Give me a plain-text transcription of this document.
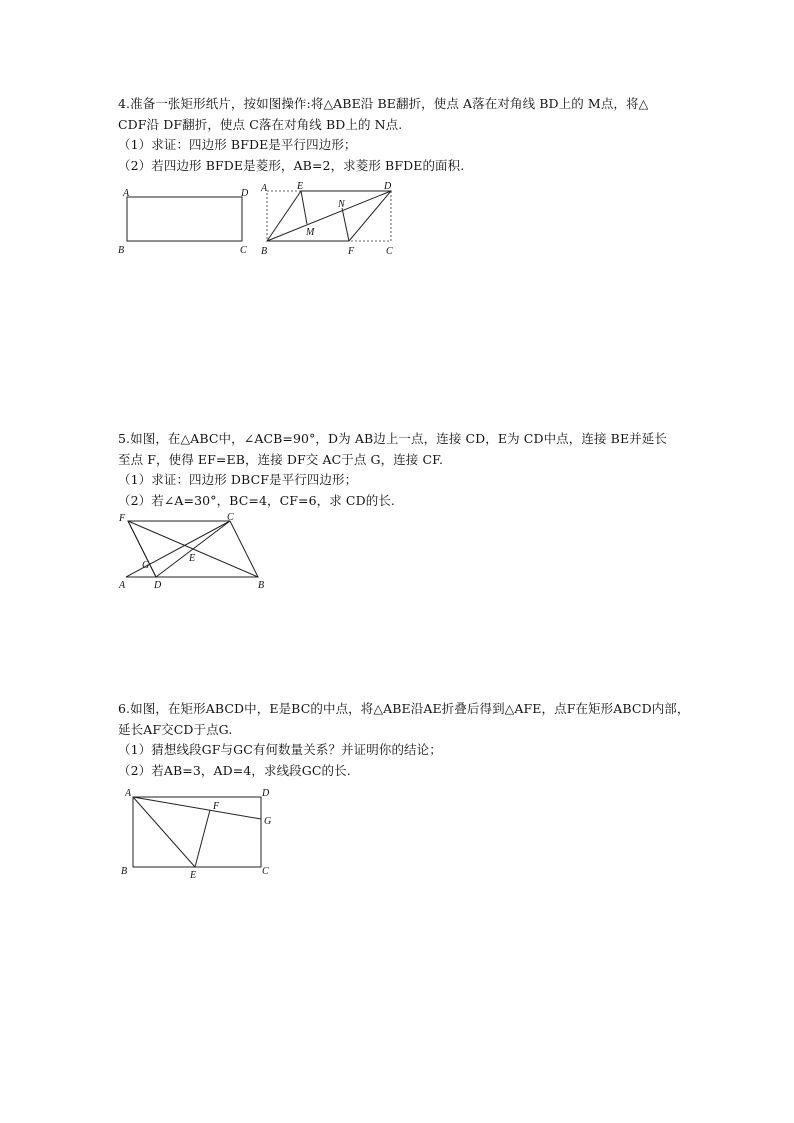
4.准备一张矩形纸片，按如图操作:将△ABE沿 BE翻折，使点 A落在对角线 BD上的 M点，将△
CDF沿 DF翻折，使点 C落在对角线 BD上的 N点.
（1）求证：四边形 BFDE是平行四边形；
（2）若四边形 BFDE是菱形，AB=2，求菱形 BFDE的面积.
A	D
B	C
A	E	D
N
M
B	F	C
5.如图，在△ABC中，∠ACB=90°，D为 AB边上一点，连接 CD，E为 CD中点，连接 BE并延长
至点 F，使得 EF=EB，连接 DF交 AC于点 G，连接 CF.
（1）求证：四边形 DBCF是平行四边形；
（2）若∠A=30°，BC=4，CF=6，求 CD的长.
F	C
G
E
A	D	B
6.如图，在矩形ABCD中，E是BC的中点，将△ABE沿AE折叠后得到△AFE，点F在矩形ABCD内部，
延长AF交CD于点G.
（1）猜想线段GF与GC有何数量关系？并证明你的结论；
（2）若AB=3，AD=4，求线段GC的长.
A	D
F
G
B	E	C
